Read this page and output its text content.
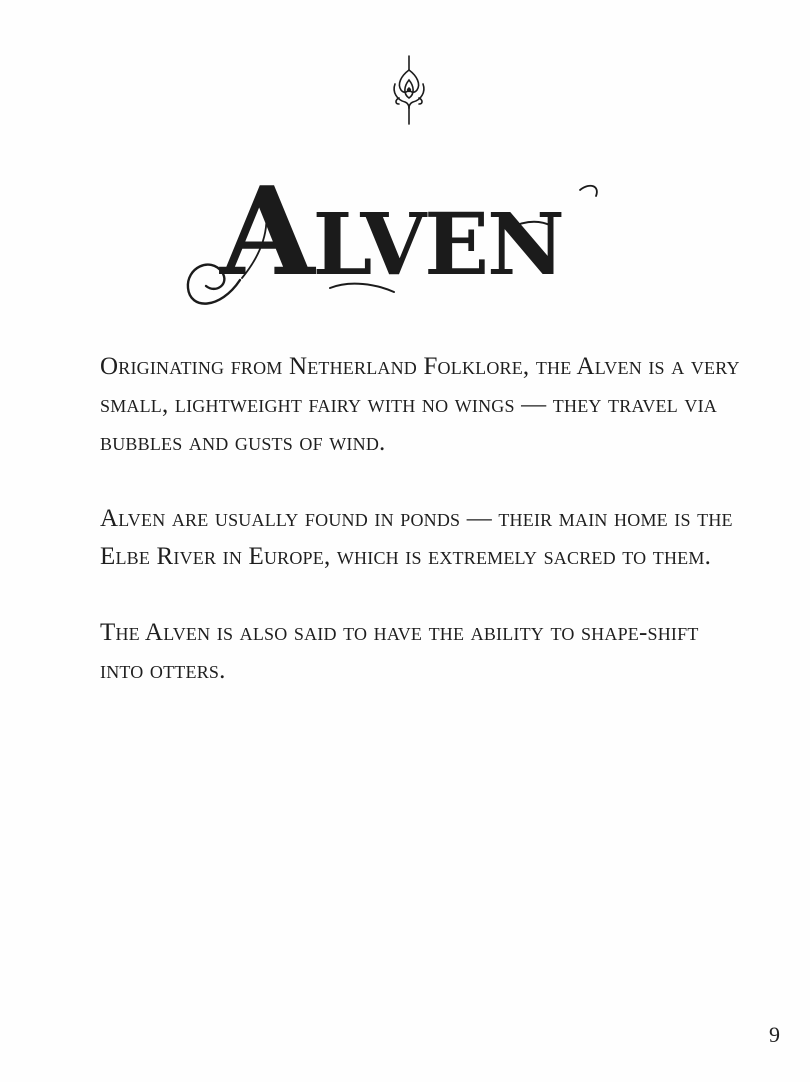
Alven

Originating from Netherland Folklore, the Alven is a very small, lightweight fairy with no wings — they travel via bubbles and gusts of wind.

Alven are usually found in ponds — their main home is the Elbe River in Europe, which is extremely sacred to them.

The Alven is also said to have the ability to shape-shift into otters.

9
